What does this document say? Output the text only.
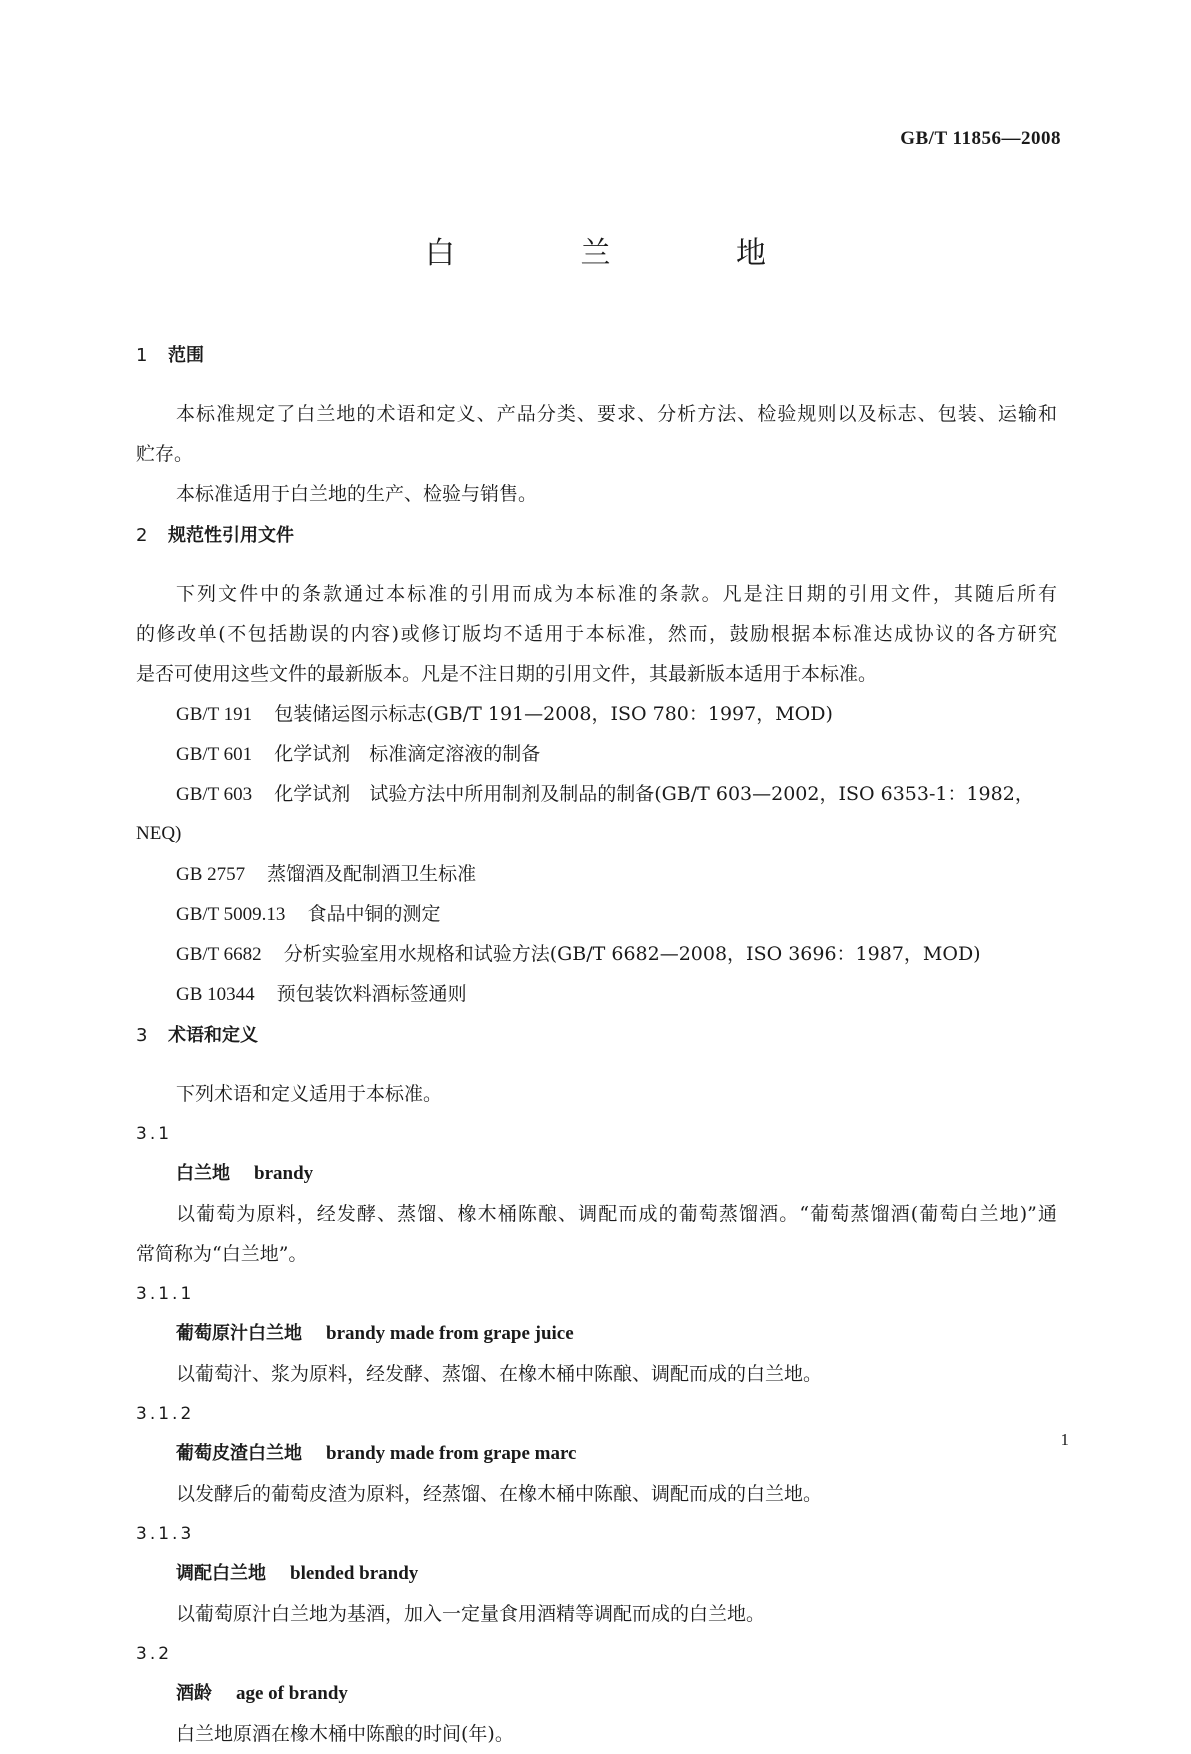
GB/T 11856—2008
白 兰 地
1 范围
本标准规定了白兰地的术语和定义、产品分类、要求、分析方法、检验规则以及标志、包装、运输和
贮存。
本标准适用于白兰地的生产、检验与销售。
2 规范性引用文件
下列文件中的条款通过本标准的引用而成为本标准的条款。凡是注日期的引用文件，其随后所有
的修改单(不包括勘误的内容)或修订版均不适用于本标准，然而，鼓励根据本标准达成协议的各方研究
是否可使用这些文件的最新版本。凡是不注日期的引用文件，其最新版本适用于本标准。
GB/T 191 包装储运图示标志(GB/T 191—2008，ISO 780：1997，MOD)
GB/T 601 化学试剂　标准滴定溶液的制备
GB/T 603 化学试剂　试验方法中所用制剂及制品的制备(GB/T 603—2002，ISO 6353-1：1982，
NEQ)
GB 2757 蒸馏酒及配制酒卫生标准
GB/T 5009.13 食品中铜的测定
GB/T 6682 分析实验室用水规格和试验方法(GB/T 6682—2008，ISO 3696：1987，MOD)
GB 10344 预包装饮料酒标签通则
3 术语和定义
下列术语和定义适用于本标准。
3.1
白兰地 brandy
以葡萄为原料，经发酵、蒸馏、橡木桶陈酿、调配而成的葡萄蒸馏酒。“葡萄蒸馏酒(葡萄白兰地)”通
常简称为“白兰地”。
3.1.1
葡萄原汁白兰地 brandy made from grape juice
以葡萄汁、浆为原料，经发酵、蒸馏、在橡木桶中陈酿、调配而成的白兰地。
3.1.2
葡萄皮渣白兰地 brandy made from grape marc
以发酵后的葡萄皮渣为原料，经蒸馏、在橡木桶中陈酿、调配而成的白兰地。
3.1.3
调配白兰地 blended brandy
以葡萄原汁白兰地为基酒，加入一定量食用酒精等调配而成的白兰地。
3.2
酒龄 age of brandy
白兰地原酒在橡木桶中陈酿的时间(年)。
1
